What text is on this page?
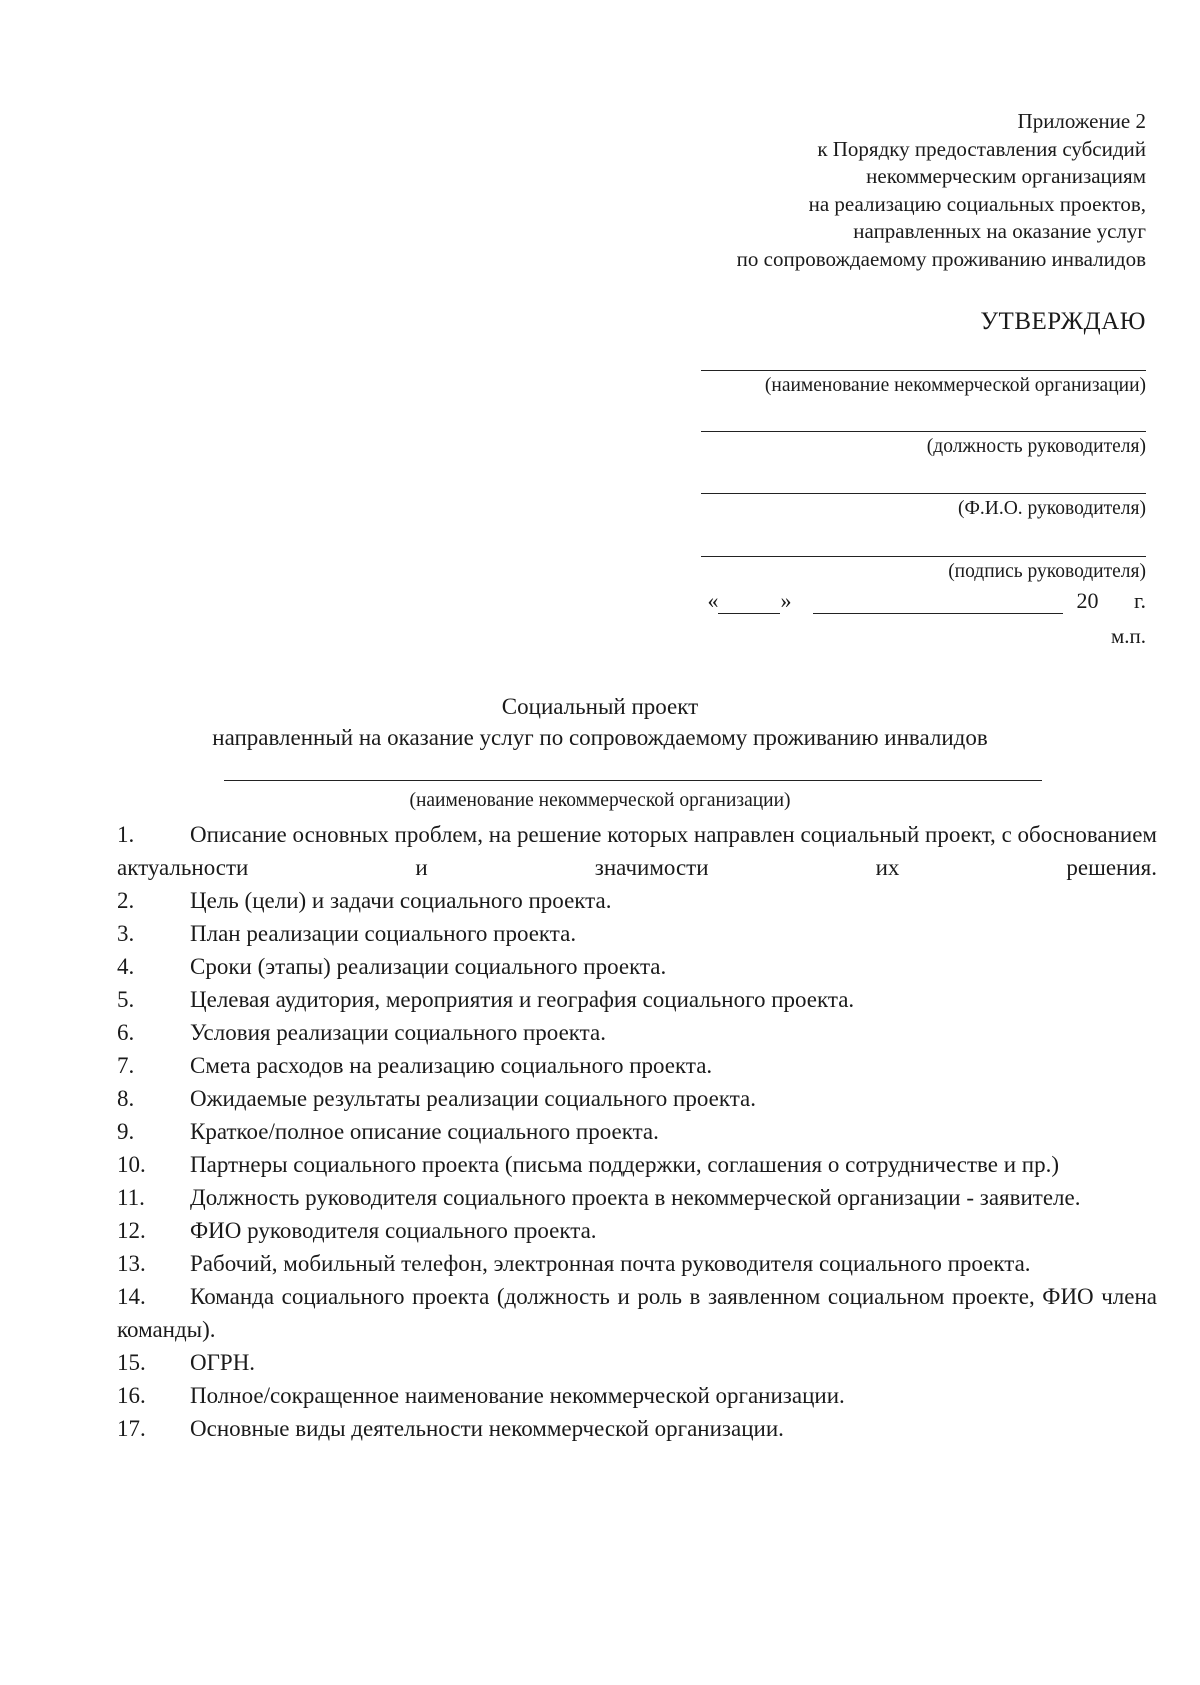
Приложение 2
к Порядку предоставления субсидий
некоммерческим организациям
на реализацию социальных проектов,
направленных на оказание услуг
по сопровождаемому проживанию инвалидов
УТВЕРЖДАЮ
(наименование некоммерческой организации)
(должность руководителя)
(Ф.И.О. руководителя)
(подпись руководителя)
«	»	20 г.
м.п.
Социальный проект
направленный на оказание услуг по сопровождаемому проживанию инвалидов
(наименование некоммерческой организации)
1. Описание основных проблем, на решение которых направлен социальный проект, с обоснованием актуальности и значимости их решения.
2. Цель (цели) и задачи социального проекта.
3. План реализации социального проекта.
4. Сроки (этапы) реализации социального проекта.
5. Целевая аудитория, мероприятия и география социального проекта.
6. Условия реализации социального проекта.
7. Смета расходов на реализацию социального проекта.
8. Ожидаемые результаты реализации социального проекта.
9. Краткое/полное описание социального проекта.
10. Партнеры социального проекта (письма поддержки, соглашения о сотрудничестве и пр.)
11. Должность руководителя социального проекта в некоммерческой организации - заявителе.
12. ФИО руководителя социального проекта.
13. Рабочий, мобильный телефон, электронная почта руководителя социального проекта.
14. Команда социального проекта (должность и роль в заявленном социальном проекте, ФИО члена команды).
15. ОГРН.
16. Полное/сокращенное наименование некоммерческой организации.
17. Основные виды деятельности некоммерческой организации.
